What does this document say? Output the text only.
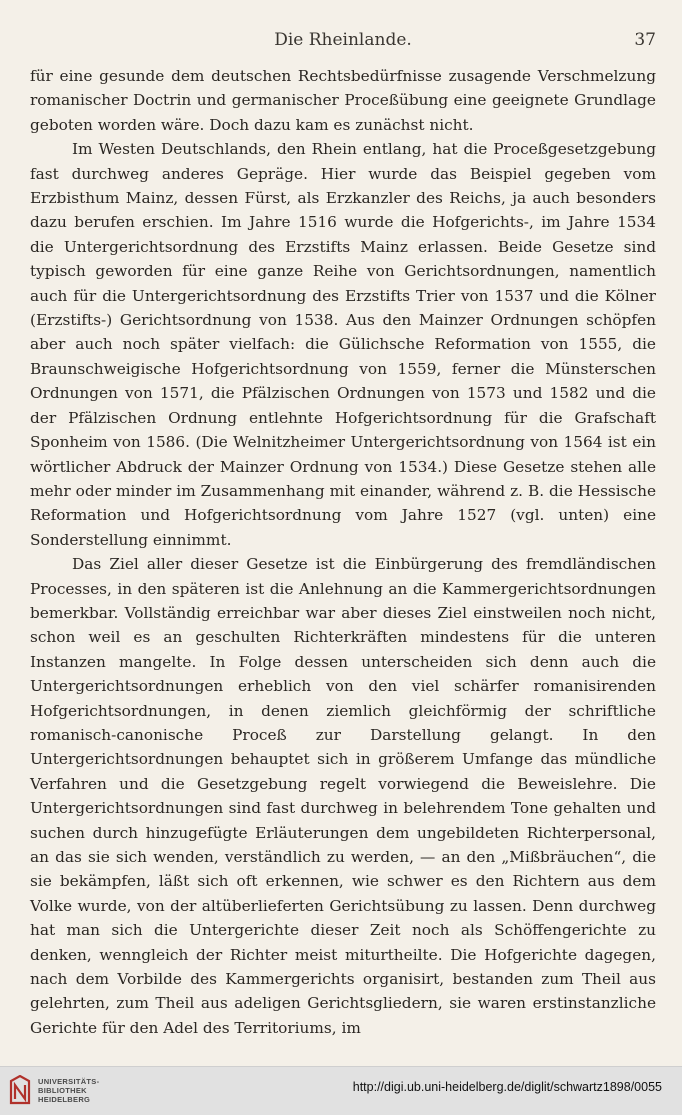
Die Rheinlande.	37

für eine gesunde dem deutschen Rechtsbedürfnisse zusagende Verschmelzung romanischer Doctrin und germanischer Proceßübung eine geeignete Grundlage geboten worden wäre. Doch dazu kam es zunächst nicht.

Im Westen Deutschlands, den Rhein entlang, hat die Proceßgesetzgebung fast durchweg anderes Gepräge. Hier wurde das Beispiel gegeben vom Erzbisthum Mainz, dessen Fürst, als Erzkanzler des Reichs, ja auch besonders dazu berufen erschien. Im Jahre 1516 wurde die Hofgerichts-, im Jahre 1534 die Untergerichtsordnung des Erzstifts Mainz erlassen. Beide Gesetze sind typisch geworden für eine ganze Reihe von Gerichtsordnungen, namentlich auch für die Untergerichtsordnung des Erzstifts Trier von 1537 und die Kölner (Erzstifts-) Gerichtsordnung von 1538. Aus den Mainzer Ordnungen schöpfen aber auch noch später vielfach: die Gülichsche Reformation von 1555, die Braunschweigische Hofgerichtsordnung von 1559, ferner die Münsterschen Ordnungen von 1571, die Pfälzischen Ordnungen von 1573 und 1582 und die der Pfälzischen Ordnung entlehnte Hofgerichtsordnung für die Grafschaft Sponheim von 1586. (Die Welnitzheimer Untergerichtsordnung von 1564 ist ein wörtlicher Abdruck der Mainzer Ordnung von 1534.) Diese Gesetze stehen alle mehr oder minder im Zusammenhang mit einander, während z. B. die Hessische Reformation und Hofgerichtsordnung vom Jahre 1527 (vgl. unten) eine Sonderstellung einnimmt.

Das Ziel aller dieser Gesetze ist die Einbürgerung des fremdländischen Processes, in den späteren ist die Anlehnung an die Kammergerichtsordnungen bemerkbar. Vollständig erreichbar war aber dieses Ziel einstweilen noch nicht, schon weil es an geschulten Richterkräften mindestens für die unteren Instanzen mangelte. In Folge dessen unterscheiden sich denn auch die Untergerichtsordnungen erheblich von den viel schärfer romanisirenden Hofgerichtsordnungen, in denen ziemlich gleichförmig der schriftliche romanisch-canonische Proceß zur Darstellung gelangt. In den Untergerichtsordnungen behauptet sich in größerem Umfange das mündliche Verfahren und die Gesetzgebung regelt vorwiegend die Beweislehre. Die Untergerichtsordnungen sind fast durchweg in belehrendem Tone gehalten und suchen durch hinzugefügte Erläuterungen dem ungebildeten Richterpersonal, an das sie sich wenden, verständlich zu werden, — an den „Mißbräuchen“, die sie bekämpfen, läßt sich oft erkennen, wie schwer es den Richtern aus dem Volke wurde, von der altüberlieferten Gerichtsübung zu lassen. Denn durchweg hat man sich die Untergerichte dieser Zeit noch als Schöffengerichte zu denken, wenngleich der Richter meist miturtheilte. Die Hofgerichte dagegen, nach dem Vorbilde des Kammergerichts organisirt, bestanden zum Theil aus gelehrten, zum Theil aus adeligen Gerichtsgliedern, sie waren erstinstanzliche Gerichte für den Adel des Territoriums, im

UNIVERSITÄTS-
BIBLIOTHEK
HEIDELBERG
http://digi.ub.uni-heidelberg.de/diglit/schwartz1898/0055
